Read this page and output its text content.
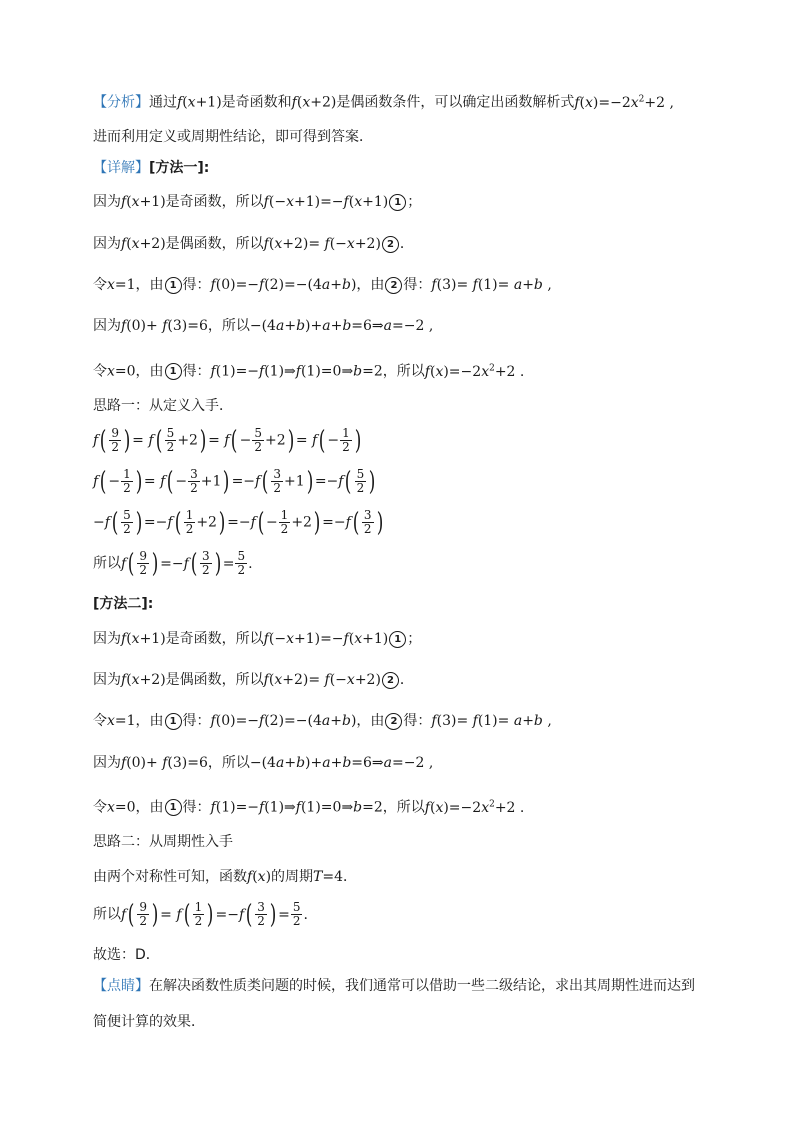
【分析】通过f(x+1)是奇函数和f(x+2)是偶函数条件，可以确定出函数解析式$f(x)=-2x^2+2$ ,
进而利用定义或周期性结论，即可得到答案．
【详解】[方法一]:
因为f(x+1)是奇函数，所以f(−x+1)=−f(x+1) 1 ；
因为f(x+2)是偶函数，所以f(x+2)= f(−x+2) 2 ．
令x=1，由 1 得：f(0)=−f(2)=−(4a+b)，由 2 得：f(3)= f(1)= a+b ,
因为f(0)+ f(3)=6，所以−(4a+b)+a+b=6⇒a=−2 ,
令x=0，由 1 得：f(1)=−f(1)⇒f(1)=0⇒b=2，所以$f(x)=-2x^2+2$ .
思路一：从定义入手．
$f( \frac{9}{2}$ ) = $f( \frac{5}{2} +2) = f( - \frac{5}{2} +2) = f( - \frac{1}{2}$ )
$f( - \frac{1}{2}$ ) = $f( - \frac{3}{2} +1) =-f( \frac{3}{2} +1) =-f( \frac{5}{2}$ )
$-f( \frac{5}{2}$ ) $=-f( \frac{1}{2} +2) =-f( - \frac{1}{2} +2) =-f( \frac{3}{2}$ )
所以$f( \frac{9}{2}$ ) $=-f( \frac{3}{2}$ ) = $\frac{5}{2}$ .
[方法二]:
因为f(x+1)是奇函数，所以f(−x+1)=−f(x+1) 1 ；
因为f(x+2)是偶函数，所以f(x+2)= f(−x+2) 2 ．
令x=1，由 1 得：f(0)=−f(2)=−(4a+b)，由 2 得：f(3)= f(1)= a+b ,
因为f(0)+ f(3)=6，所以−(4a+b)+a+b=6⇒a=−2 ,
令x=0，由 1 得：f(1)=−f(1)⇒f(1)=0⇒b=2，所以$f(x)=-2x^2+2$ .
思路二：从周期性入手
由两个对称性可知，函数f(x)的周期T=4．
所以$f( \frac{9}{2}$ ) = $f( \frac{1}{2}$ ) $=-f( \frac{3}{2}$ ) = $\frac{5}{2}$ .
故选：D．
【点睛】在解决函数性质类问题的时候，我们通常可以借助一些二级结论，求出其周期性进而达到
简便计算的效果．
